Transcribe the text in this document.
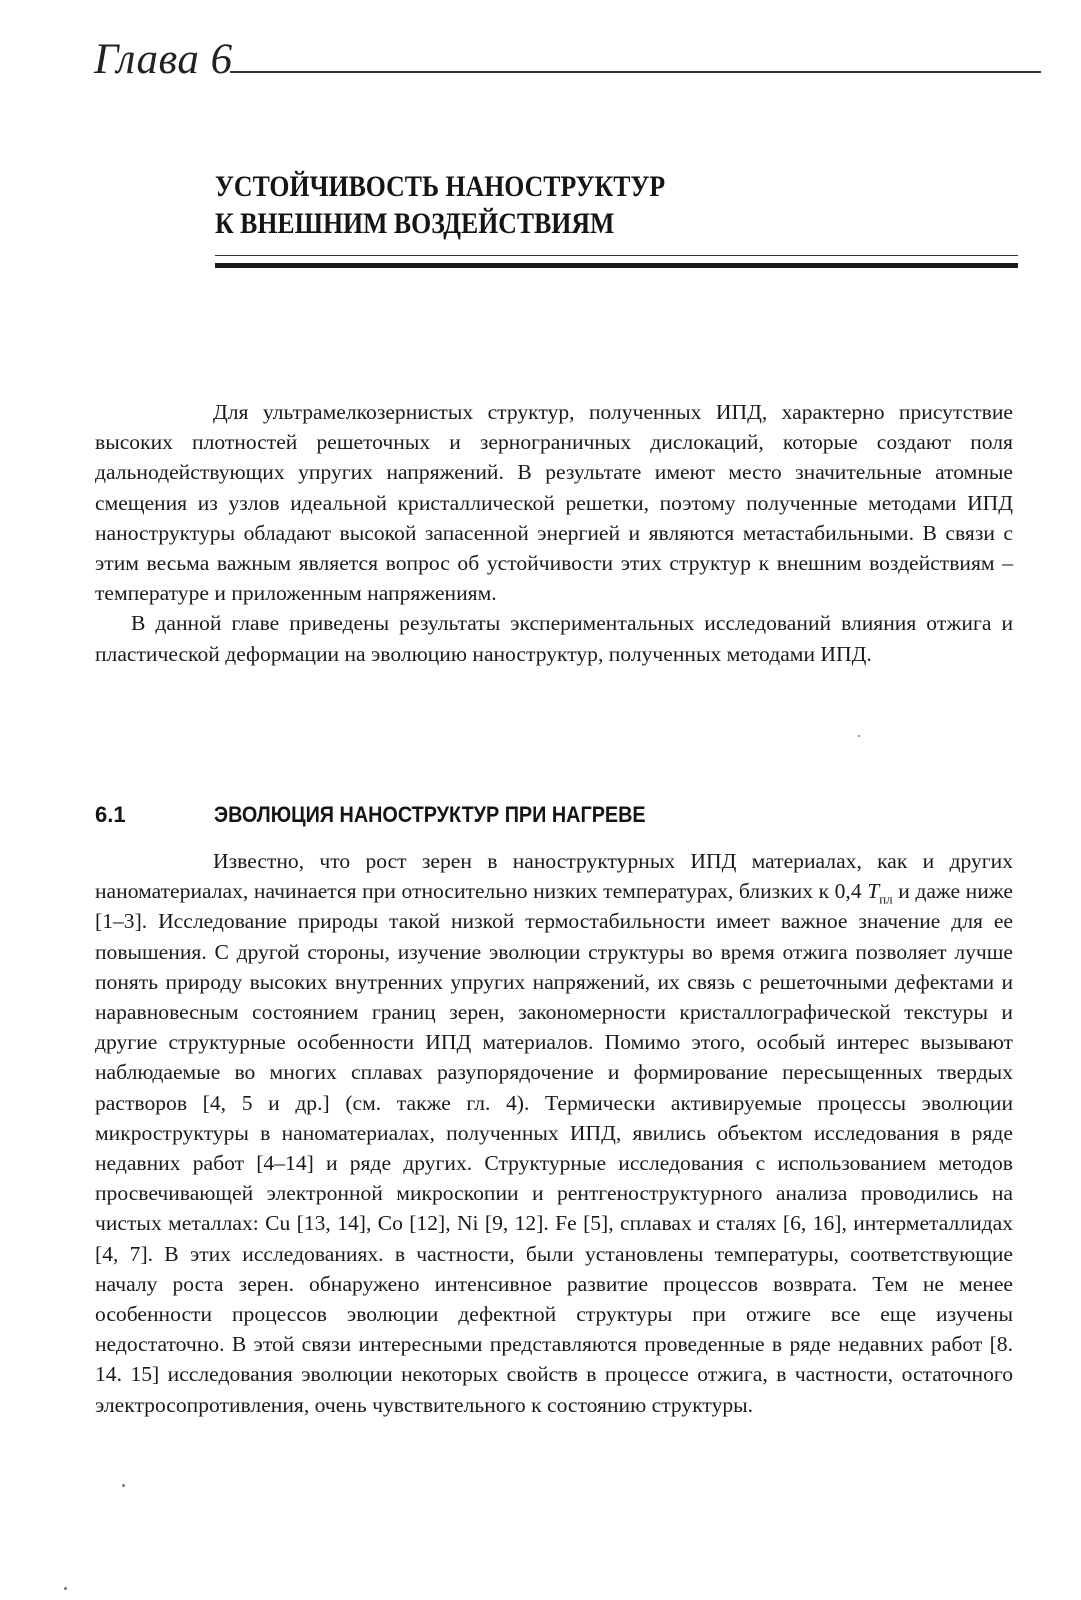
Глава 6
УСТОЙЧИВОСТЬ НАНОСТРУКТУР
К ВНЕШНИМ ВОЗДЕЙСТВИЯМ

Для ультрамелкозернистых структур, полученных ИПД, характерно присутствие высоких плотностей решеточных и зернограничных дислокаций, которые создают поля дальнодействующих упругих напряжений. В результате имеют место значительные атомные смещения из узлов идеальной кристаллической решетки, поэтому полученные методами ИПД наноструктуры обладают высокой запасенной энергией и являются метастабильными. В связи с этим весьма важным является вопрос об устойчивости этих структур к внешним воздействиям – температуре и приложенным напряжениям.

В данной главе приведены результаты экспериментальных исследований влияния отжига и пластической деформации на эволюцию наноструктур, полученных методами ИПД.

6.1	ЭВОЛЮЦИЯ НАНОСТРУКТУР ПРИ НАГРЕВЕ

Известно, что рост зерен в наноструктурных ИПД материалах, как и других наноматериалах, начинается при относительно низких температурах, близких к 0,4 $T_{пл}$ и даже ниже [1–3]. Исследование природы такой низкой термостабильности имеет важное значение для ее повышения. С другой стороны, изучение эволюции структуры во время отжига позволяет лучше понять природу высоких внутренних упругих напряжений, их связь с решеточными дефектами и наравновесным состоянием границ зерен, закономерности кристаллографической текстуры и другие структурные особенности ИПД материалов. Помимо этого, особый интерес вызывают наблюдаемые во многих сплавах разупорядочение и формирование пересыщенных твердых растворов [4, 5 и др.] (см. также гл. 4). Термически активируемые процессы эволюции микроструктуры в наноматериалах, полученных ИПД, явились объектом исследования в ряде недавних работ [4–14] и ряде других. Структурные исследования с использованием методов просвечивающей электронной микроскопии и рентгеноструктурного анализа проводились на чистых металлах: Cu [13, 14], Co [12], Ni [9, 12]. Fe [5], сплавах и сталях [6, 16], интерметаллидах [4, 7]. В этих исследованиях. в частности, были установлены температуры, соответствующие началу роста зерен. обнаружено интенсивное развитие процессов возврата. Тем не менее особенности процессов эволюции дефектной структуры при отжиге все еще изучены недостаточно. В этой связи интересными представляются проведенные в ряде недавних работ [8. 14. 15] исследования эволюции некоторых свойств в процессе отжига, в частности, остаточного электросопротивления, очень чувствительного к состоянию структуры.
